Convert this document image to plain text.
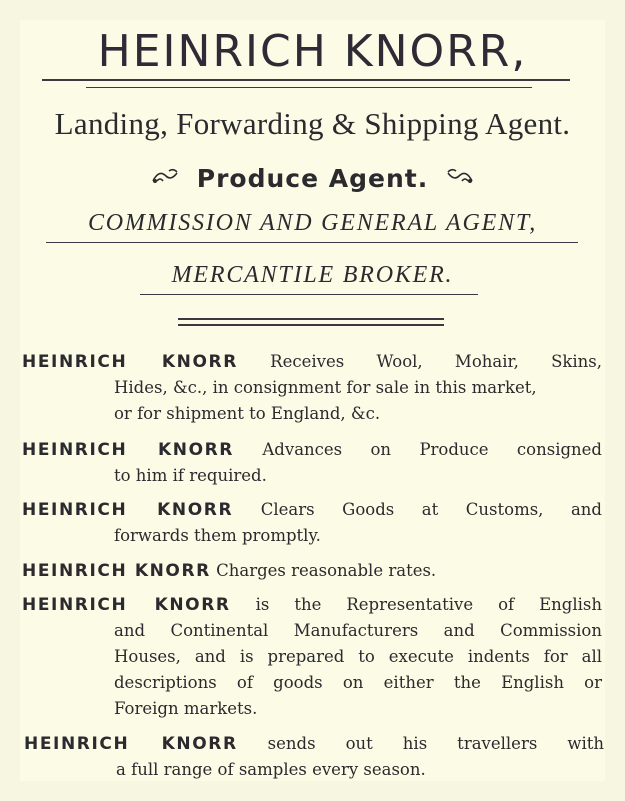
HEINRICH KNORR,
Landing, Forwarding & Shipping Agent.
Produce Agent.
COMMISSION AND GENERAL AGENT,
MERCANTILE BROKER.
HEINRICH KNORR Receives Wool, Mohair, Skins,
Hides, &c., in consignment for sale in this market,
or for shipment to England, &c.
HEINRICH KNORR Advances on Produce consigned
to him if required.
HEINRICH KNORR Clears Goods at Customs, and
forwards them promptly.
HEINRICH KNORR Charges reasonable rates.
HEINRICH KNORR is the Representative of English
and Continental Manufacturers and Commission
Houses, and is prepared to execute indents for all
descriptions of goods on either the English or
Foreign markets.
HEINRICH KNORR sends out his travellers with
a full range of samples every season.
